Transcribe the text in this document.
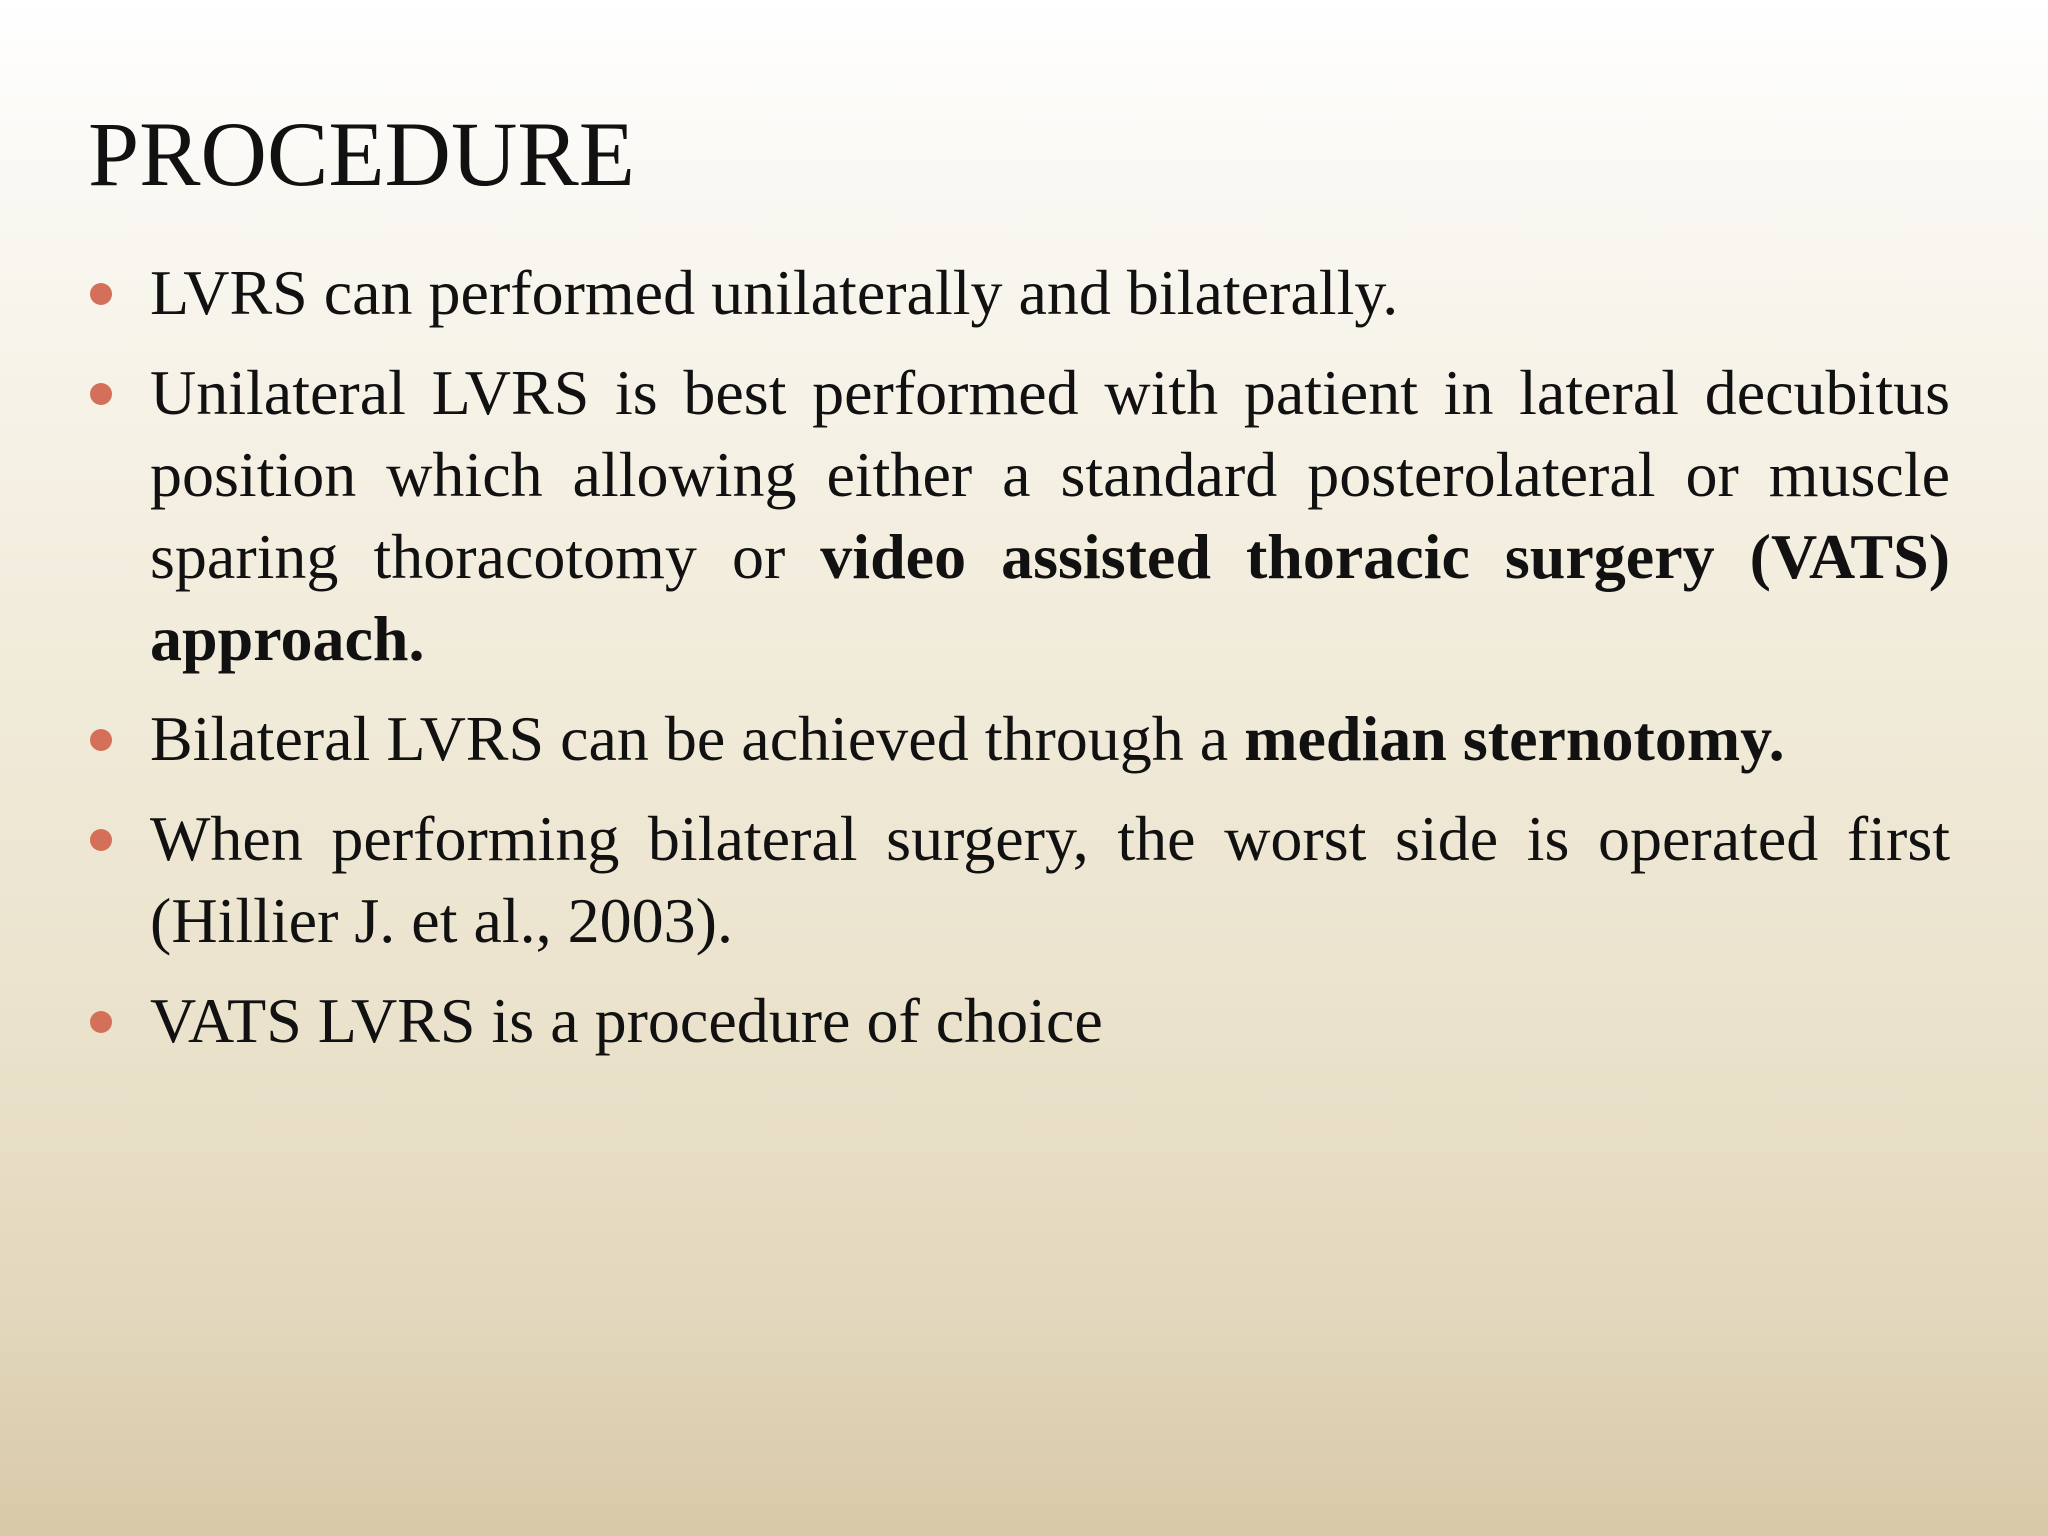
PROCEDURE
LVRS can performed unilaterally and bilaterally.
Unilateral LVRS is best performed with patient in lateral decubitus position which allowing either a standard posterolateral or muscle sparing thoracotomy or video assisted thoracic surgery (VATS) approach.
Bilateral LVRS can be achieved through a median sternotomy.
When performing bilateral surgery, the worst side is operated first (Hillier J. et al., 2003).
VATS LVRS is a procedure of choice
